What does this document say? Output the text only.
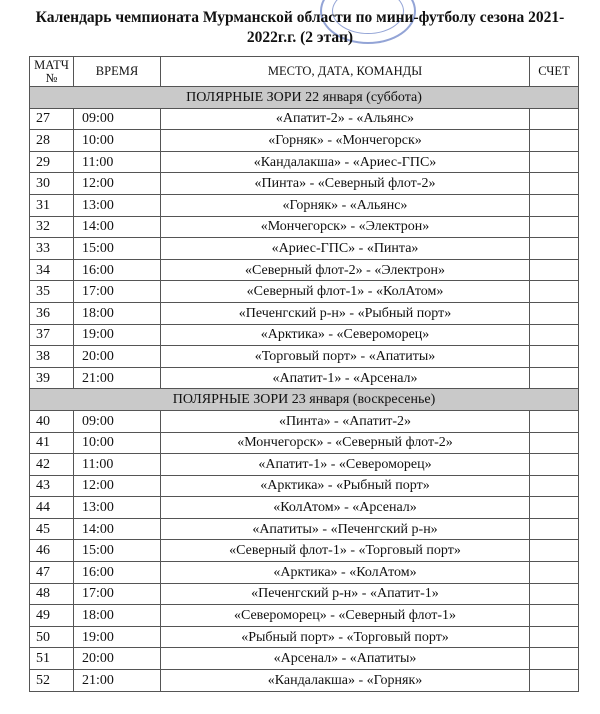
Календарь чемпионата Мурманской области по мини-футболу сезона 2021-
2022г.г. (2 этап)
МАТЧ
№	ВРЕМЯ	МЕСТО, ДАТА, КОМАНДЫ	СЧЕТ
ПОЛЯРНЫЕ ЗОРИ 22 января (суббота)			
27	09:00	«Апатит-2» - «Альянс»	
28	10:00	«Горняк» - «Мончегорск»	
29	11:00	«Кандалакша» - «Ариес-ГПС»	
30	12:00	«Пинта» - «Северный флот-2»	
31	13:00	«Горняк» - «Альянс»	
32	14:00	«Мончегорск» - «Электрон»	
33	15:00	«Ариес-ГПС» - «Пинта»	
34	16:00	«Северный флот-2» - «Электрон»	
35	17:00	«Северный флот-1» - «КолАтом»	
36	18:00	«Печенгский р-н» - «Рыбный порт»	
37	19:00	«Арктика» - «Североморец»	
38	20:00	«Торговый порт» - «Апатиты»	
39	21:00	«Апатит-1» - «Арсенал»	
ПОЛЯРНЫЕ ЗОРИ 23 января (воскресенье)			
40	09:00	«Пинта» - «Апатит-2»	
41	10:00	«Мончегорск» - «Северный флот-2»	
42	11:00	«Апатит-1» - «Североморец»	
43	12:00	«Арктика» - «Рыбный порт»	
44	13:00	«КолАтом» - «Арсенал»	
45	14:00	«Апатиты» - «Печенгский р-н»	
46	15:00	«Северный флот-1» - «Торговый порт»	
47	16:00	«Арктика» - «КолАтом»	
48	17:00	«Печенгский р-н» - «Апатит-1»	
49	18:00	«Североморец» - «Северный флот-1»	
50	19:00	«Рыбный порт» - «Торговый порт»	
51	20:00	«Арсенал» - «Апатиты»	
52	21:00	«Кандалакша» - «Горняк»	
